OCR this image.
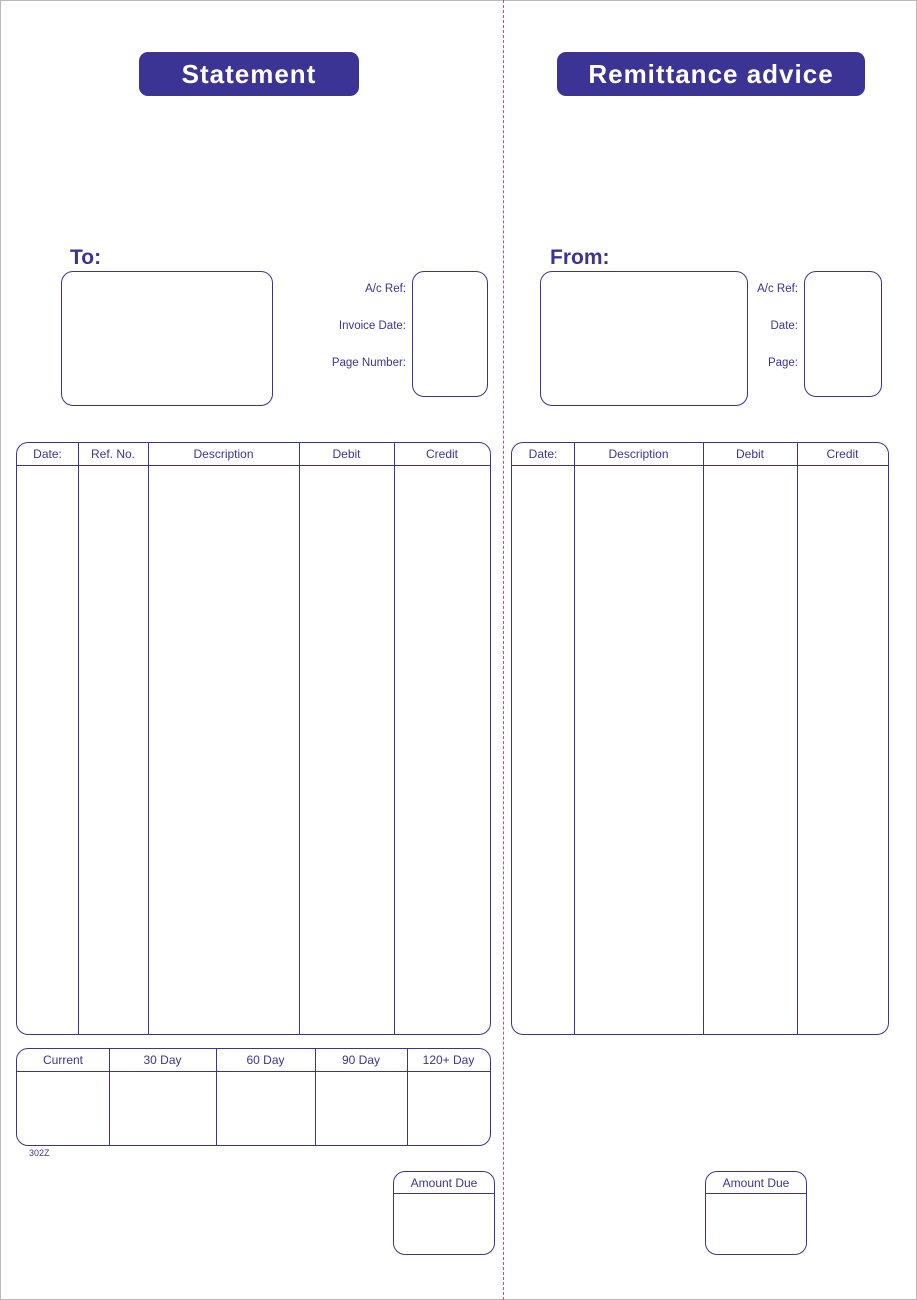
Statement
To:
A/c Ref:
Invoice Date:
Page Number:
Date:	Ref. No.	Description	Debit	Credit
Current	30 Day	60 Day	90 Day	120+ Day
302Z
Amount Due
Remittance advice
From:
A/c Ref:
Date:
Page:
Date:	Description	Debit	Credit
Amount Due
